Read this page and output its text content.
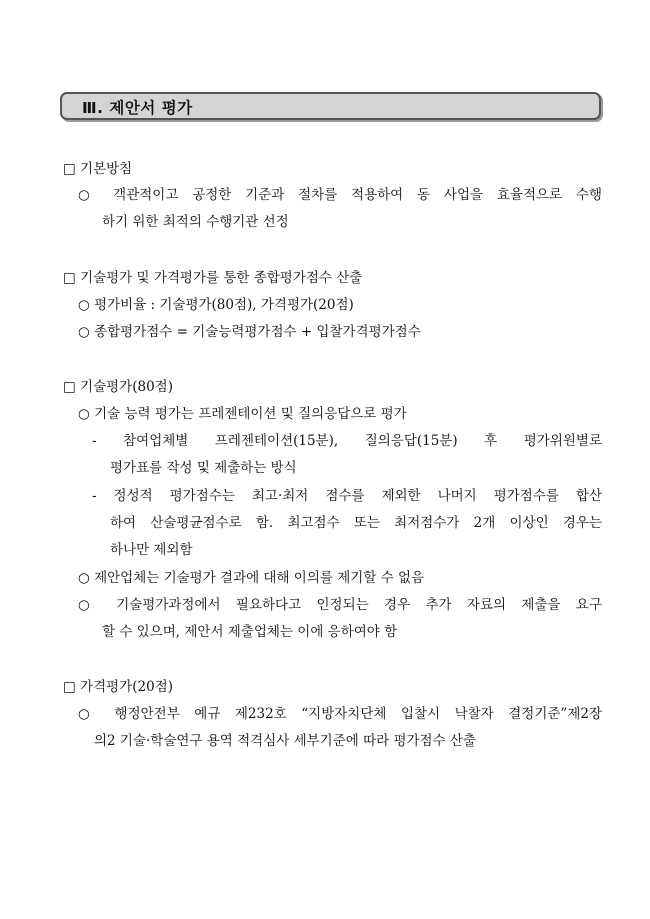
Ⅲ. 제안서 평가
□ 기본방침
○ 객관적이고 공정한 기준과 절차를 적용하여 동 사업을 효율적으로 수행
하기 위한 최적의 수행기관 선정
□ 기술평가 및 가격평가를 통한 종합평가점수 산출
○ 평가비율 : 기술평가(80점), 가격평가(20점)
○ 종합평가점수 = 기술능력평가점수 + 입찰가격평가점수
□ 기술평가(80점)
○ 기술 능력 평가는 프레젠테이션 및 질의응답으로 평가
- 참여업체별 프레젠테이션(15분), 질의응답(15분) 후 평가위원별로
평가표를 작성 및 제출하는 방식
- 정성적 평가점수는 최고·최저 점수를 제외한 나머지 평가점수를 합산
하여 산술평균점수로 함. 최고점수 또는 최저점수가 2개 이상인 경우는
하나만 제외함
○ 제안업체는 기술평가 결과에 대해 이의를 제기할 수 없음
○ 기술평가과정에서 필요하다고 인정되는 경우 추가 자료의 제출을 요구
할 수 있으며, 제안서 제출업체는 이에 응하여야 함
□ 가격평가(20점)
○ 행정안전부 예규 제232호 “지방자치단체 입찰시 낙찰자 결정기준”제2장
의2 기술·학술연구 용역 적격심사 세부기준에 따라 평가점수 산출
